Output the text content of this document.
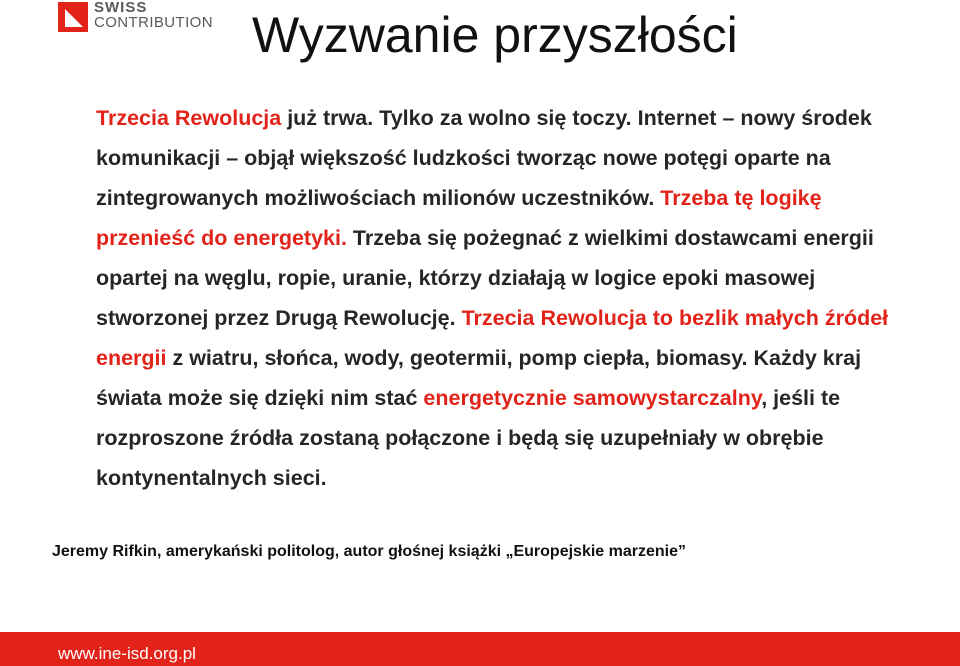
SWISS
CONTRIBUTION Wyzwanie przyszłości

Trzecia Rewolucja już trwa. Tylko za wolno się toczy. Internet – nowy środek komunikacji – objął większość ludzkości tworząc nowe potęgi oparte na zintegrowanych możliwościach milionów uczestników. Trzeba tę logikę przenieść do energetyki. Trzeba się pożegnać z wielkimi dostawcami energii opartej na węglu, ropie, uranie, którzy działają w logice epoki masowej stworzonej przez Drugą Rewolucję. Trzecia Rewolucja to bezlik małych źródeł energii z wiatru, słońca, wody, geotermii, pomp ciepła, biomasy. Każdy kraj świata może się dzięki nim stać energetycznie samowystarczalny, jeśli te rozproszone źródła zostaną połączone i będą się uzupełniały w obrębie kontynentalnych sieci.

Jeremy Rifkin, amerykański politolog, autor głośnej książki „Europejskie marzenie”

www.ine-isd.org.pl
